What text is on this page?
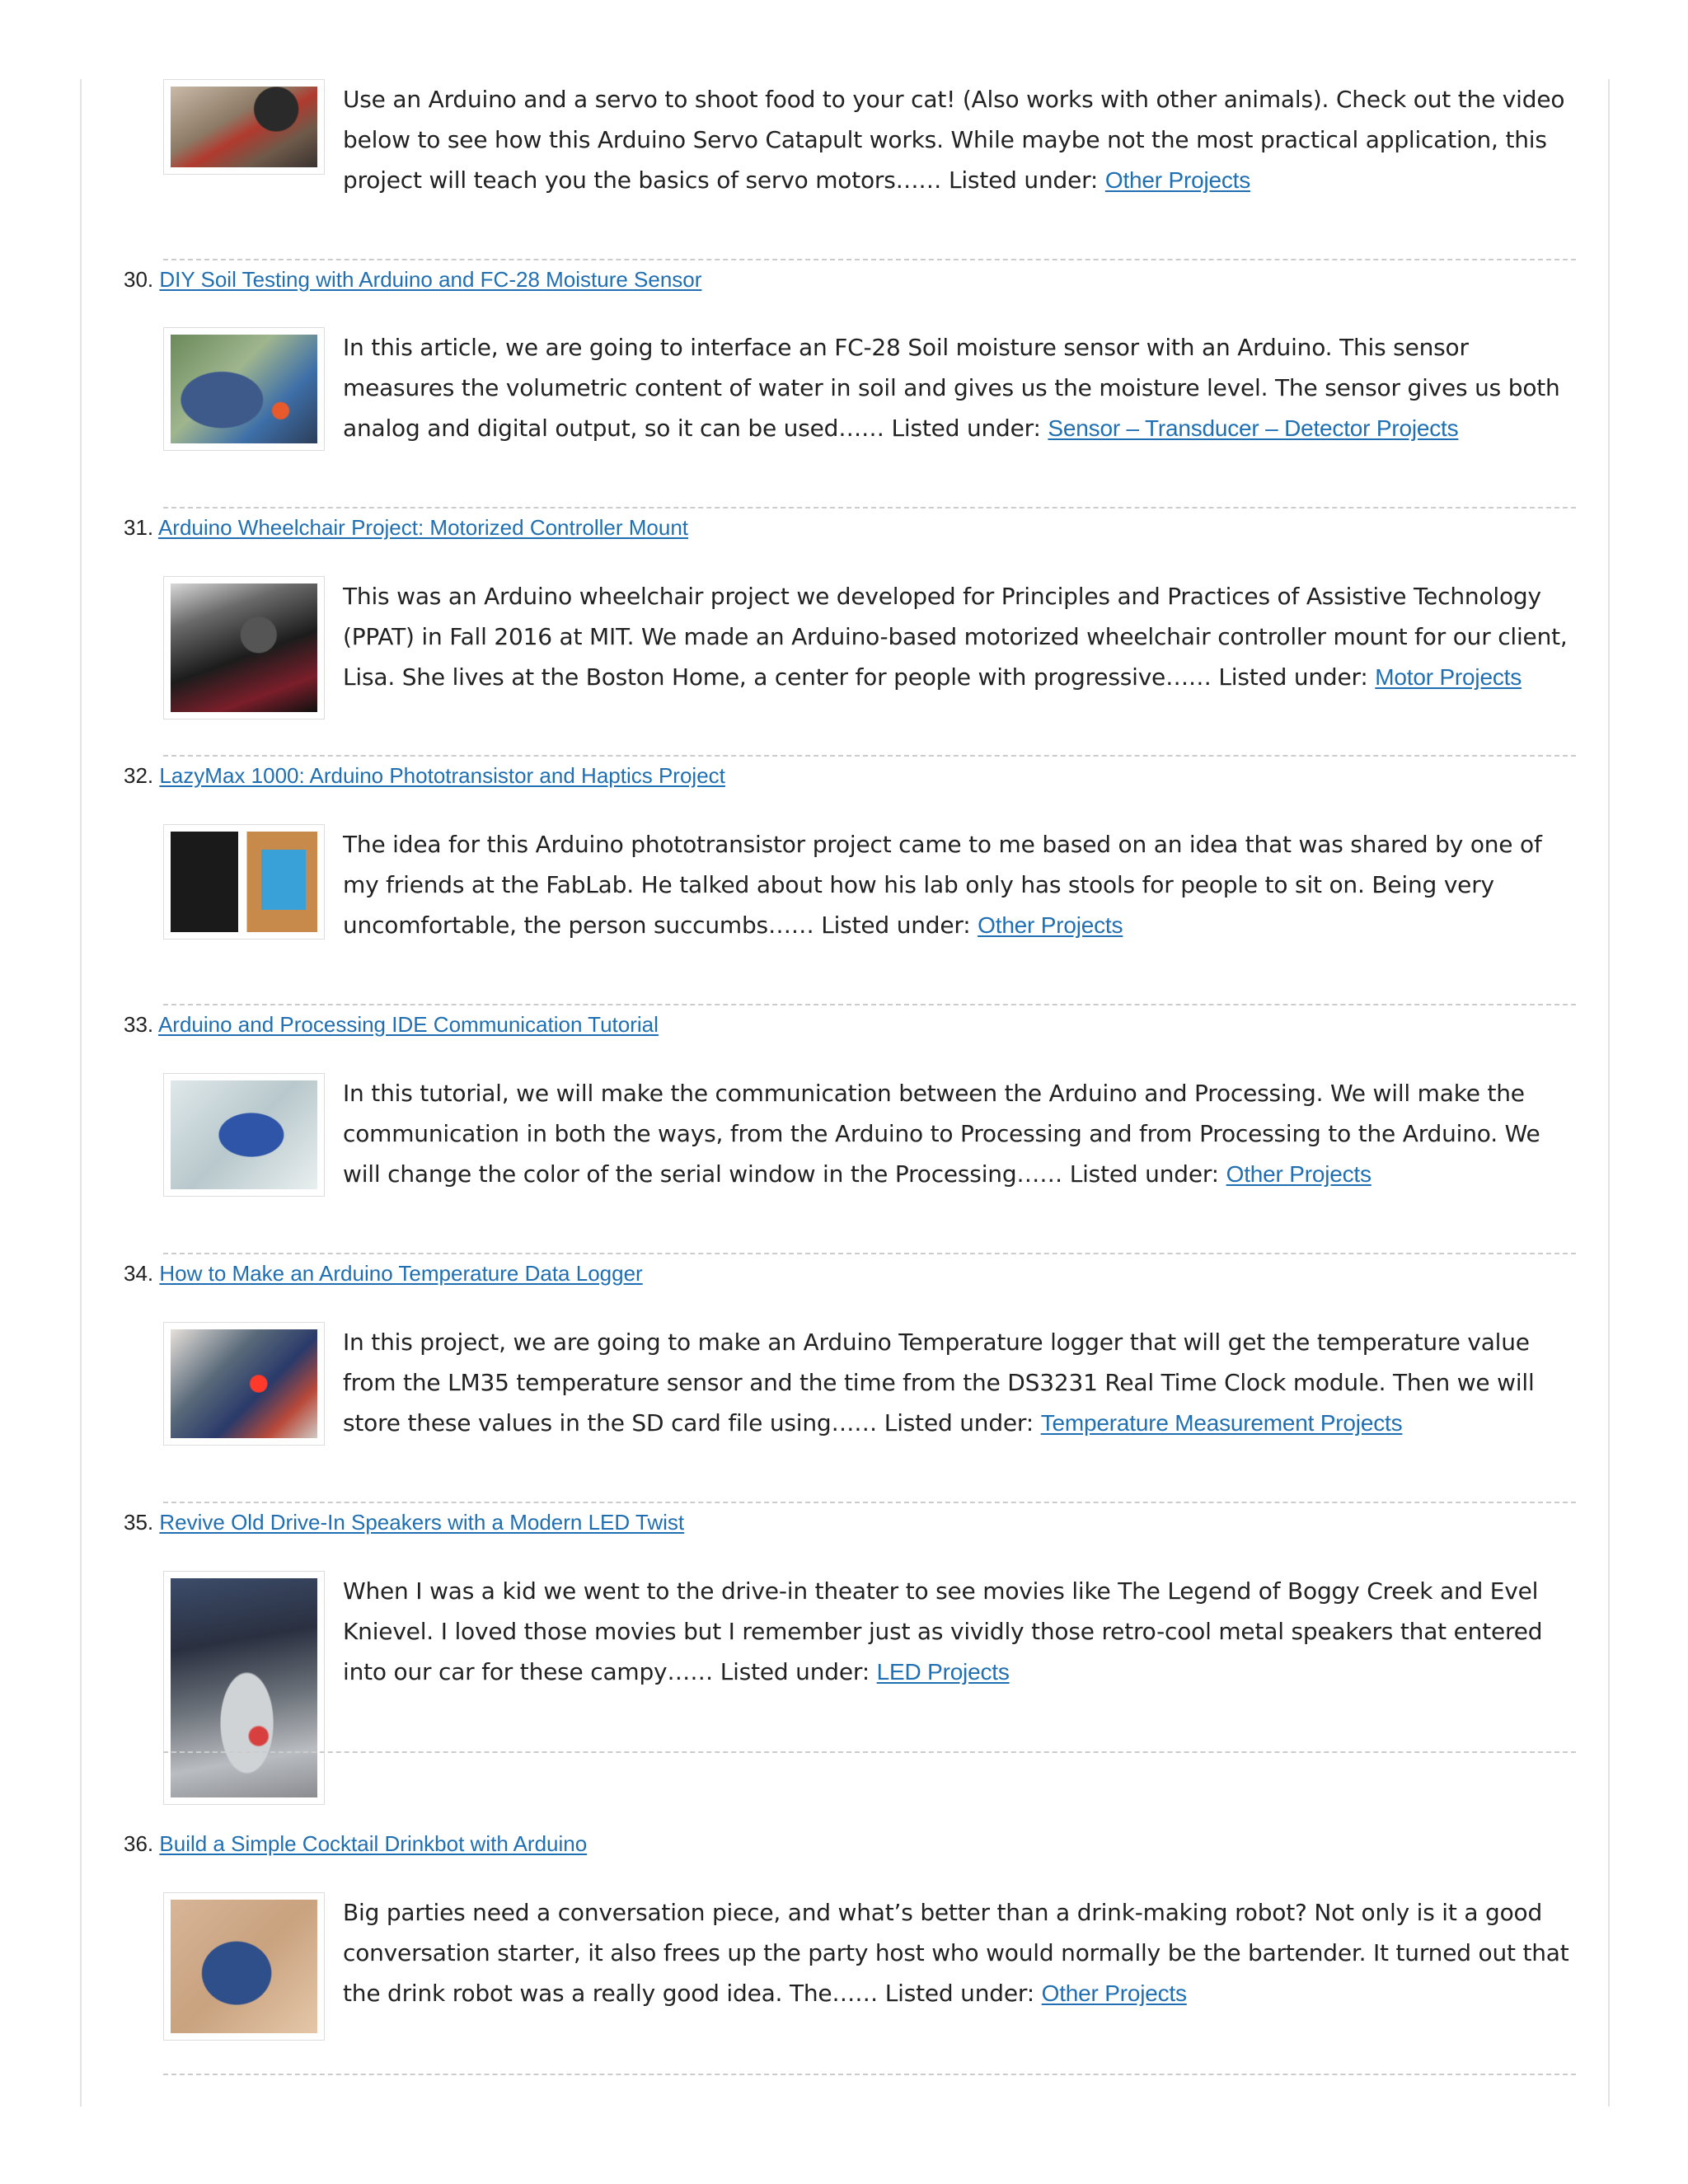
Use an Arduino and a servo to shoot food to your cat! (Also works with other animals). Check out the video below to see how this Arduino Servo Catapult works. While maybe not the most practical application, this project will teach you the basics of servo motors…… Listed under: Other Projects
30. DIY Soil Testing with Arduino and FC-28 Moisture Sensor
In this article, we are going to interface an FC-28 Soil moisture sensor with an Arduino. This sensor measures the volumetric content of water in soil and gives us the moisture level. The sensor gives us both analog and digital output, so it can be used…… Listed under: Sensor – Transducer – Detector Projects
31. Arduino Wheelchair Project: Motorized Controller Mount
This was an Arduino wheelchair project we developed for Principles and Practices of Assistive Technology (PPAT) in Fall 2016 at MIT. We made an Arduino-based motorized wheelchair controller mount for our client, Lisa. She lives at the Boston Home, a center for people with progressive…… Listed under: Motor Projects
32. LazyMax 1000: Arduino Phototransistor and Haptics Project
The idea for this Arduino phototransistor project came to me based on an idea that was shared by one of my friends at the FabLab. He talked about how his lab only has stools for people to sit on. Being very uncomfortable, the person succumbs…… Listed under: Other Projects
33. Arduino and Processing IDE Communication Tutorial
In this tutorial, we will make the communication between the Arduino and Processing. We will make the communication in both the ways, from the Arduino to Processing and from Processing to the Arduino. We will change the color of the serial window in the Processing…… Listed under: Other Projects
34. How to Make an Arduino Temperature Data Logger
In this project, we are going to make an Arduino Temperature logger that will get the temperature value from the LM35 temperature sensor and the time from the DS3231 Real Time Clock module. Then we will store these values in the SD card file using…… Listed under: Temperature Measurement Projects
35. Revive Old Drive-In Speakers with a Modern LED Twist
When I was a kid we went to the drive-in theater to see movies like The Legend of Boggy Creek and Evel Knievel. I loved those movies but I remember just as vividly those retro-cool metal speakers that entered into our car for these campy…… Listed under: LED Projects
36. Build a Simple Cocktail Drinkbot with Arduino
Big parties need a conversation piece, and what’s better than a drink-making robot? Not only is it a good conversation starter, it also frees up the party host who would normally be the bartender. It turned out that the drink robot was a really good idea. The…… Listed under: Other Projects
